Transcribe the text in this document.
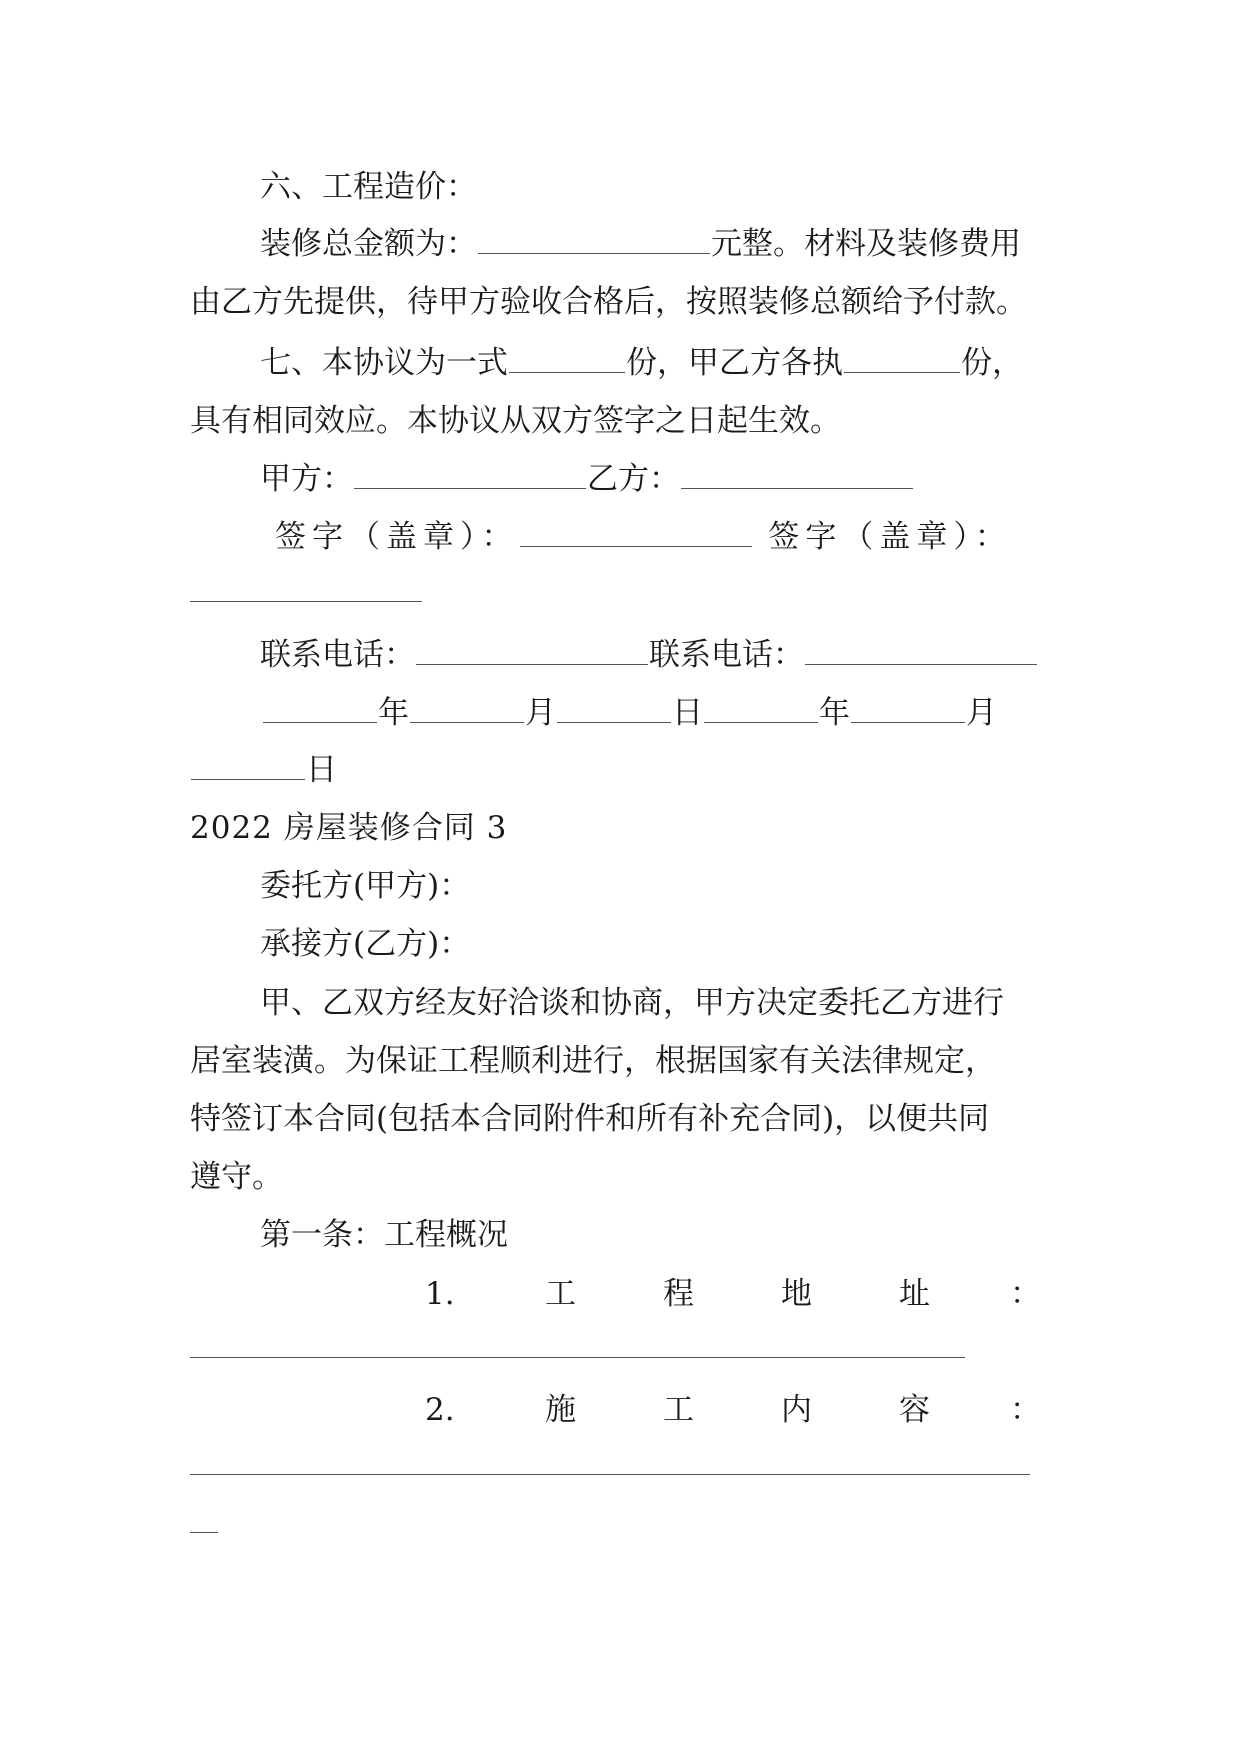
六、工程造价：
装修总金额为：	元整。材料及装修费用
由乙方先提供，待甲方验收合格后，按照装修总额给予付款。
七、本协议为一式	份，甲乙方各执	份，
具有相同效应。本协议从双方签字之日起生效。
甲方：	乙方：
签字（盖章）：	签字（盖章）：
联系电话：	联系电话：
年	月	日	年	月
日
2022 房屋装修合同 3
委托方(甲方)：
承接方(乙方)：
甲、乙双方经友好洽谈和协商，甲方决定委托乙方进行
居室装潢。为保证工程顺利进行，根据国家有关法律规定，
特签订本合同(包括本合同附件和所有补充合同)，以便共同
遵守。
第一条：工程概况
1.	工	程	地	址	：
2.	施	工	内	容	：
